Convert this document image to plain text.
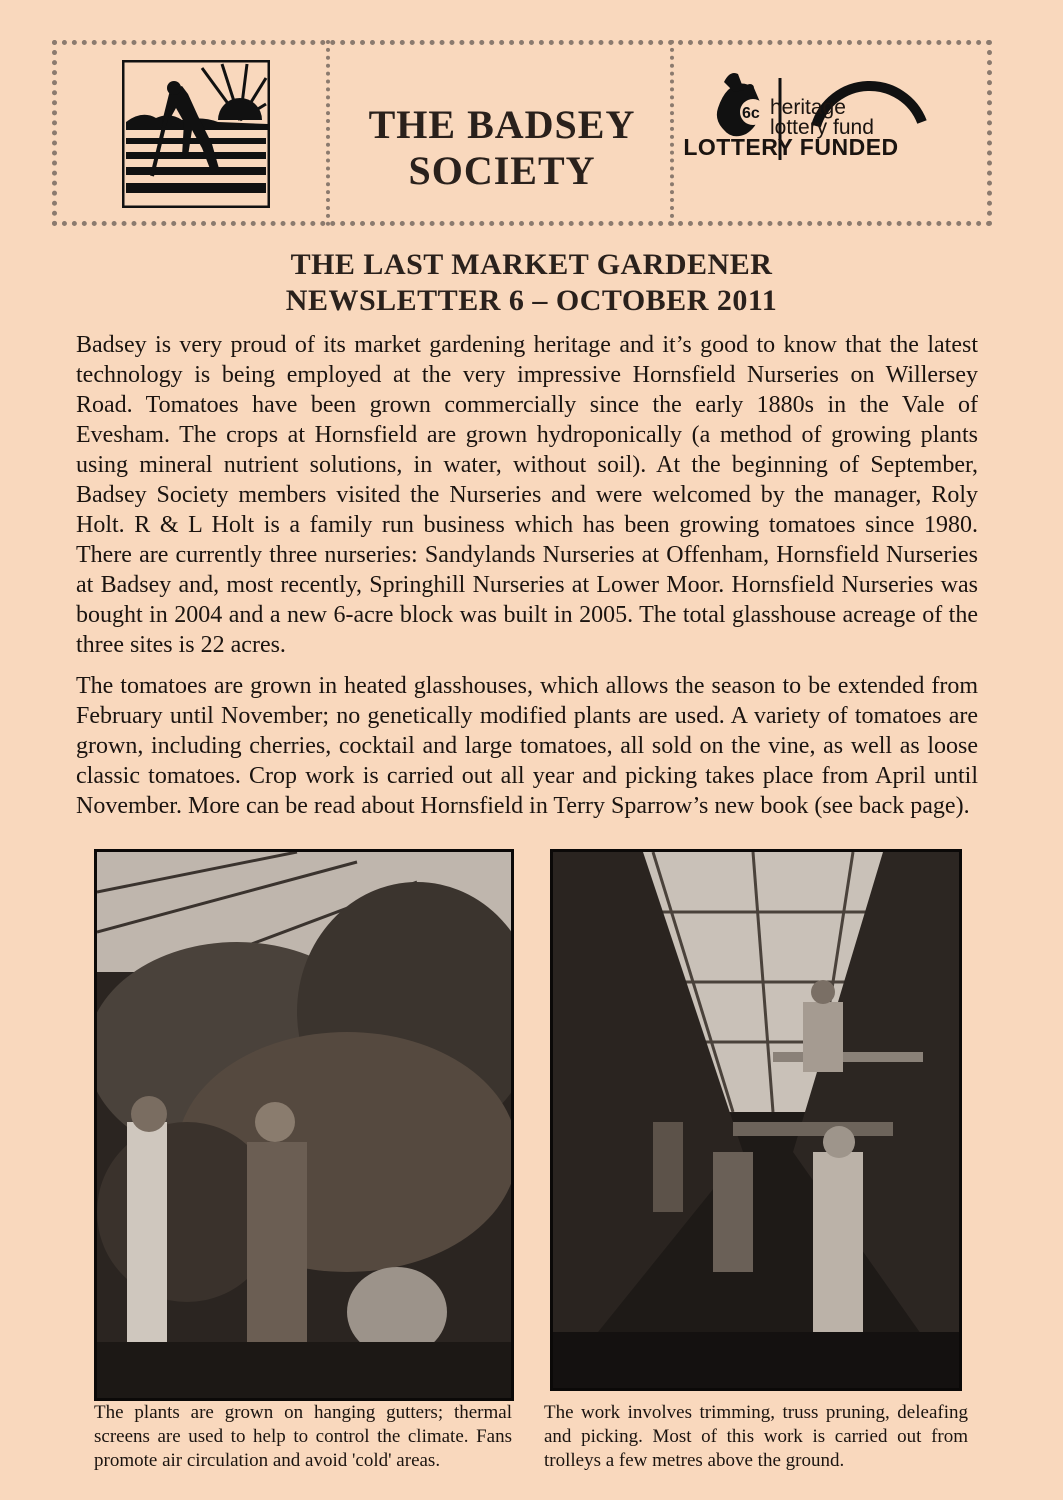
THE BADSEY
SOCIETY
6c heritage
lottery fund
LOTTERY FUNDED
THE LAST MARKET GARDENER
NEWSLETTER 6 – OCTOBER 2011
Badsey is very proud of its market gardening heritage and it’s good to know that the latest technology is being employed at the very impressive Hornsfield Nurseries on Willersey Road. Tomatoes have been grown commercially since the early 1880s in the Vale of Evesham. The crops at Hornsfield are grown hydroponically (a method of growing plants using mineral nutrient solutions, in water, without soil). At the beginning of September, Badsey Society members visited the Nurseries and were welcomed by the manager, Roly Holt. R & L Holt is a family run business which has been growing tomatoes since 1980. There are currently three nurseries: Sandylands Nurseries at Offenham, Hornsfield Nurseries at Badsey and, most recently, Springhill Nurseries at Lower Moor. Hornsfield Nurseries was bought in 2004 and a new 6-acre block was built in 2005. The total glasshouse acreage of the three sites is 22 acres.
The tomatoes are grown in heated glasshouses, which allows the season to be extended from February until November; no genetically modified plants are used. A variety of tomatoes are grown, including cherries, cocktail and large tomatoes, all sold on the vine, as well as loose classic tomatoes. Crop work is carried out all year and picking takes place from April until November. More can be read about Hornsfield in Terry Sparrow’s new book (see back page).
The plants are grown on hanging gutters; thermal screens are used to help to control the climate. Fans promote air circulation and avoid 'cold' areas.
The work involves trimming, truss pruning, deleafing and picking. Most of this work is carried out from trolleys a few metres above the ground.
